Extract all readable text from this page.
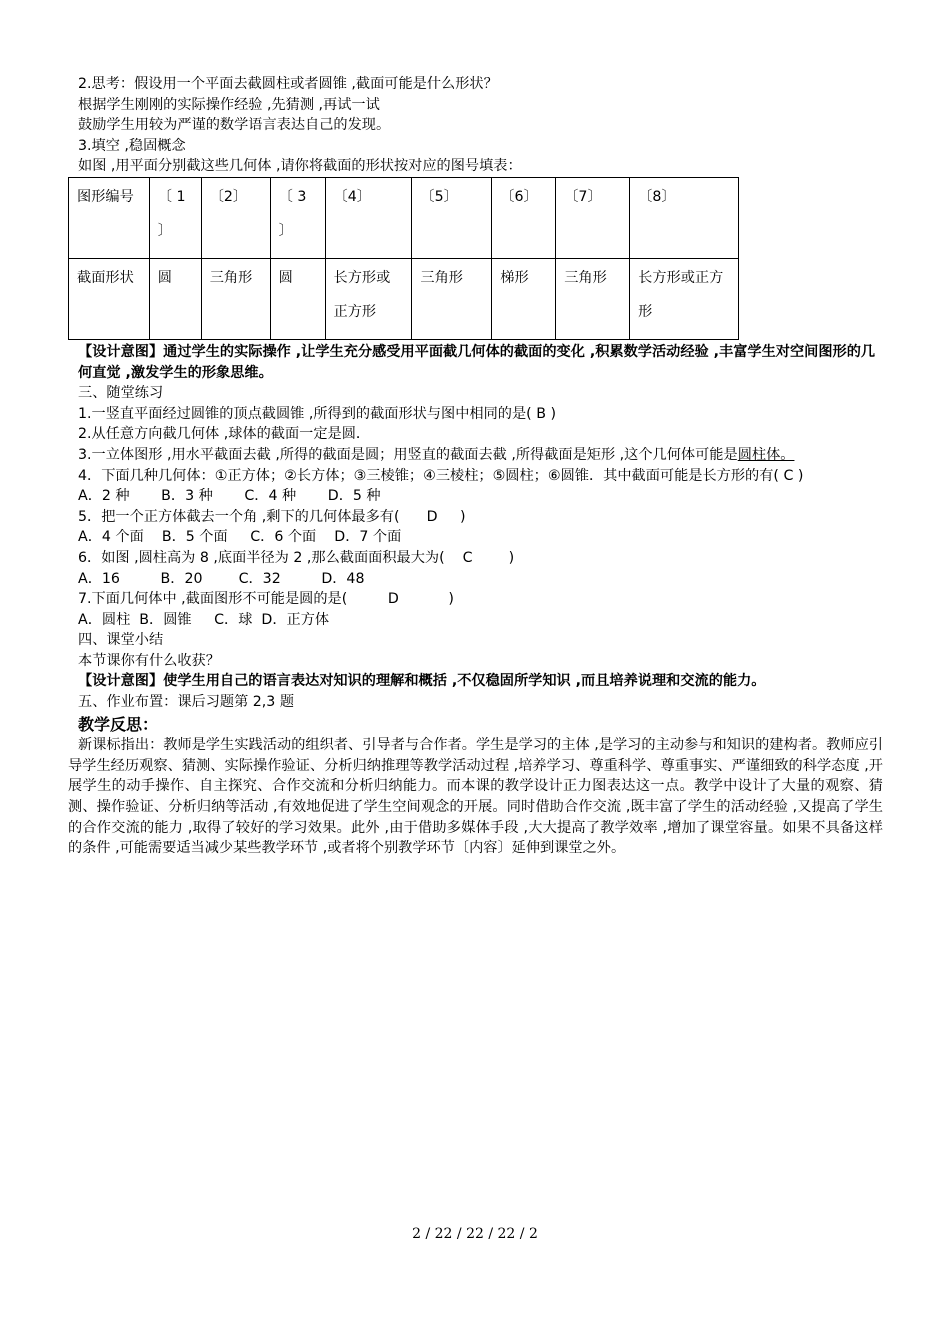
2.思考：假设用一个平面去截圆柱或者圆锥 ,截面可能是什么形状？
根据学生刚刚的实际操作经验 ,先猜测 ,再试一试
鼓励学生用较为严谨的数学语言表达自己的发现。
3.填空 ,稳固概念
如图 ,用平面分别截这些几何体 ,请你将截面的形状按对应的图号填表：
图形编号	〔 1 〕	〔2〕	〔 3 〕	〔4〕	〔5〕	〔6〕	〔7〕	〔8〕
截面形状	圆	三角形	圆	长方形或正方形	三角形	梯形	三角形	长方形或正方形
【设计意图】通过学生的实际操作 ,让学生充分感受用平面截几何体的截面的变化 ,积累数学活动经验 ,丰富学生对空间图形的几何直觉 ,激发学生的形象思维。
三、随堂练习
1.一竖直平面经过圆锥的顶点截圆锥 ,所得到的截面形状与图中相同的是( B )
2.从任意方向截几何体 ,球体的截面一定是圆．
3.一立体图形 ,用水平截面去截 ,所得的截面是圆；用竖直的截面去截 ,所得截面是矩形 ,这个几何体可能是圆柱体。
4．下面几种几何体：①正方体；②长方体；③三棱锥；④三棱柱；⑤圆柱；⑥圆锥．其中截面可能是长方形的有( C )
A．2 种       B．3 种       C．4 种       D．5 种
5．把一个正方体截去一个角 ,剩下的几何体最多有(      D     )
A．4 个面    B．5 个面     C．6 个面    D．7 个面
6．如图 ,圆柱高为 8 ,底面半径为 2 ,那么截面面积最大为(    C        )
A．16         B．20        C．32         D．48
7.下面几何体中 ,截面图形不可能是圆的是(         D           )
A．圆柱  B．圆锥     C．球  D．正方体
四、课堂小结
本节课你有什么收获？
【设计意图】使学生用自己的语言表达对知识的理解和概括 ,不仅稳固所学知识 ,而且培养说理和交流的能力。
五、作业布置：课后习题第 2,3 题
教学反思：
新课标指出：教师是学生实践活动的组织者、引导者与合作者。学生是学习的主体 ,是学习的主动参与和知识的建构者。教师应引导学生经历观察、猜测、实际操作验证、分析归纳推理等教学活动过程 ,培养学习、尊重科学、尊重事实、严谨细致的科学态度 ,开展学生的动手操作、自主探究、合作交流和分析归纳能力。而本课的教学设计正力图表达这一点。教学中设计了大量的观察、猜测、操作验证、分析归纳等活动 ,有效地促进了学生空间观念的开展。同时借助合作交流 ,既丰富了学生的活动经验 ,又提高了学生的合作交流的能力 ,取得了较好的学习效果。此外 ,由于借助多媒体手段 ,大大提高了教学效率 ,增加了课堂容量。如果不具备这样的条件 ,可能需要适当减少某些教学环节 ,或者将个别教学环节〔内容〕延伸到课堂之外。
2 / 22 / 22 / 22 / 2
